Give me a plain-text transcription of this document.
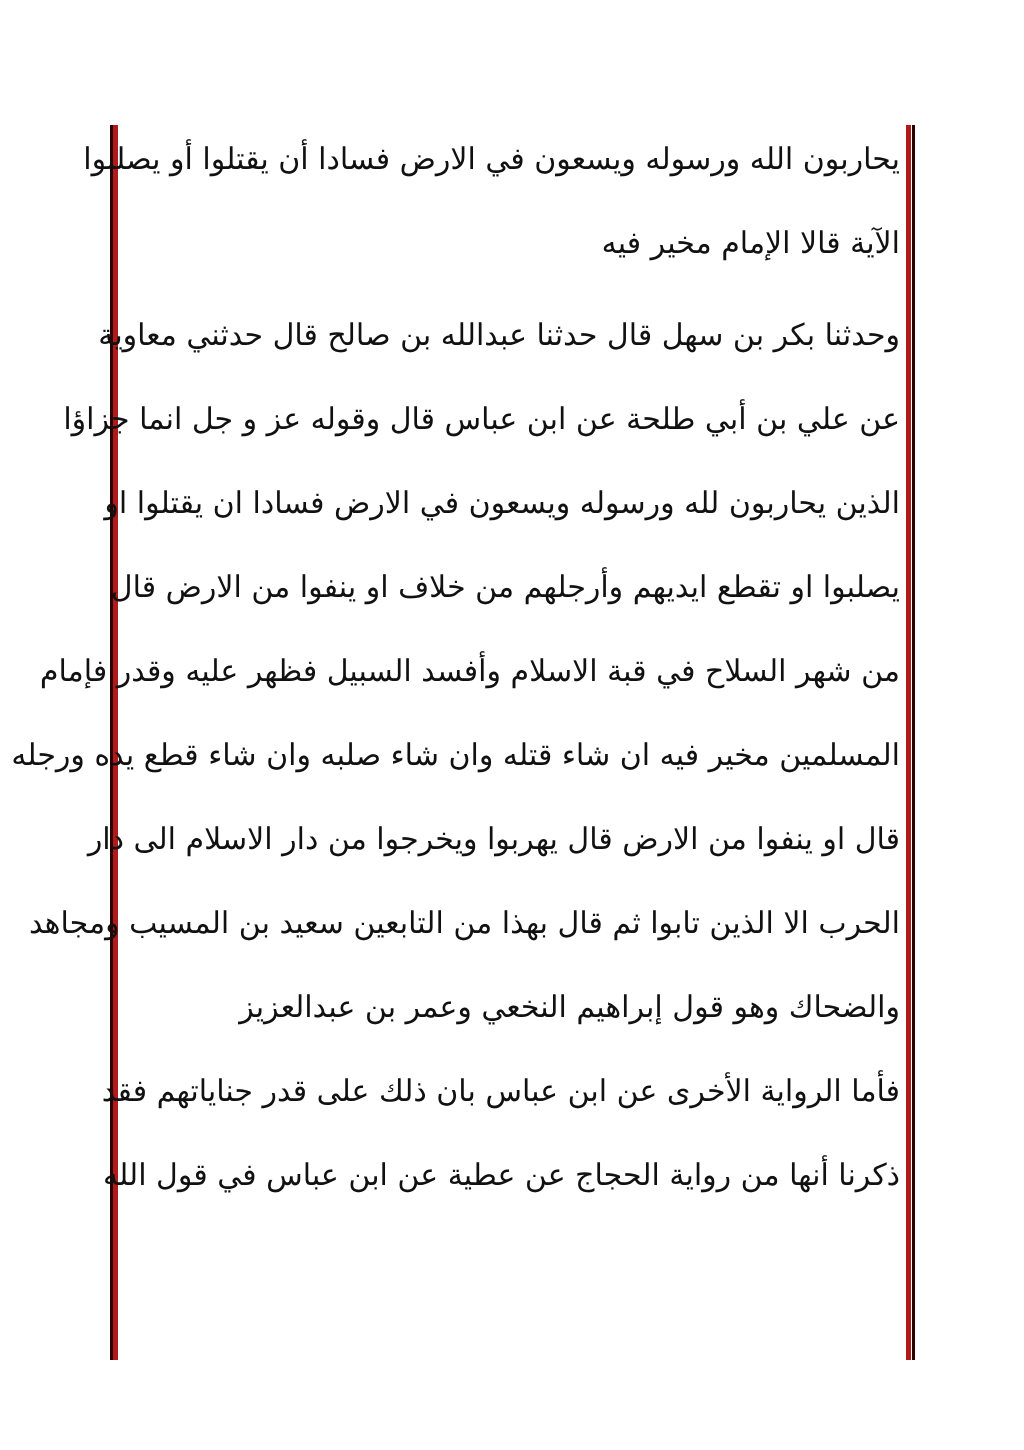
يحاربون الله ورسوله ويسعون في الارض فسادا أن يقتلوا أو يصلبوا
الآية قالا الإمام مخير فيه
وحدثنا بكر بن سهل قال حدثنا عبدالله بن صالح قال حدثني معاوية
عن علي بن أبي طلحة عن ابن عباس قال وقوله عز و جل انما جزاؤا
الذين يحاربون لله ورسوله ويسعون في الارض فسادا ان يقتلوا او
يصلبوا او تقطع ايديهم وأرجلهم من خلاف او ينفوا من الارض قال
من شهر السلاح في قبة الاسلام وأفسد السبيل فظهر عليه وقدر فإمام
المسلمين مخير فيه ان شاء قتله وان شاء صلبه وان شاء قطع يده ورجله
قال او ينفوا من الارض قال يهربوا ويخرجوا من دار الاسلام الى دار
الحرب الا الذين تابوا ثم قال بهذا من التابعين سعيد بن المسيب ومجاهد
والضحاك وهو قول إبراهيم النخعي وعمر بن عبدالعزيز
فأما الرواية الأخرى عن ابن عباس بان ذلك على قدر جناياتهم فقد
ذكرنا أنها من رواية الحجاج عن عطية عن ابن عباس في قول الله
